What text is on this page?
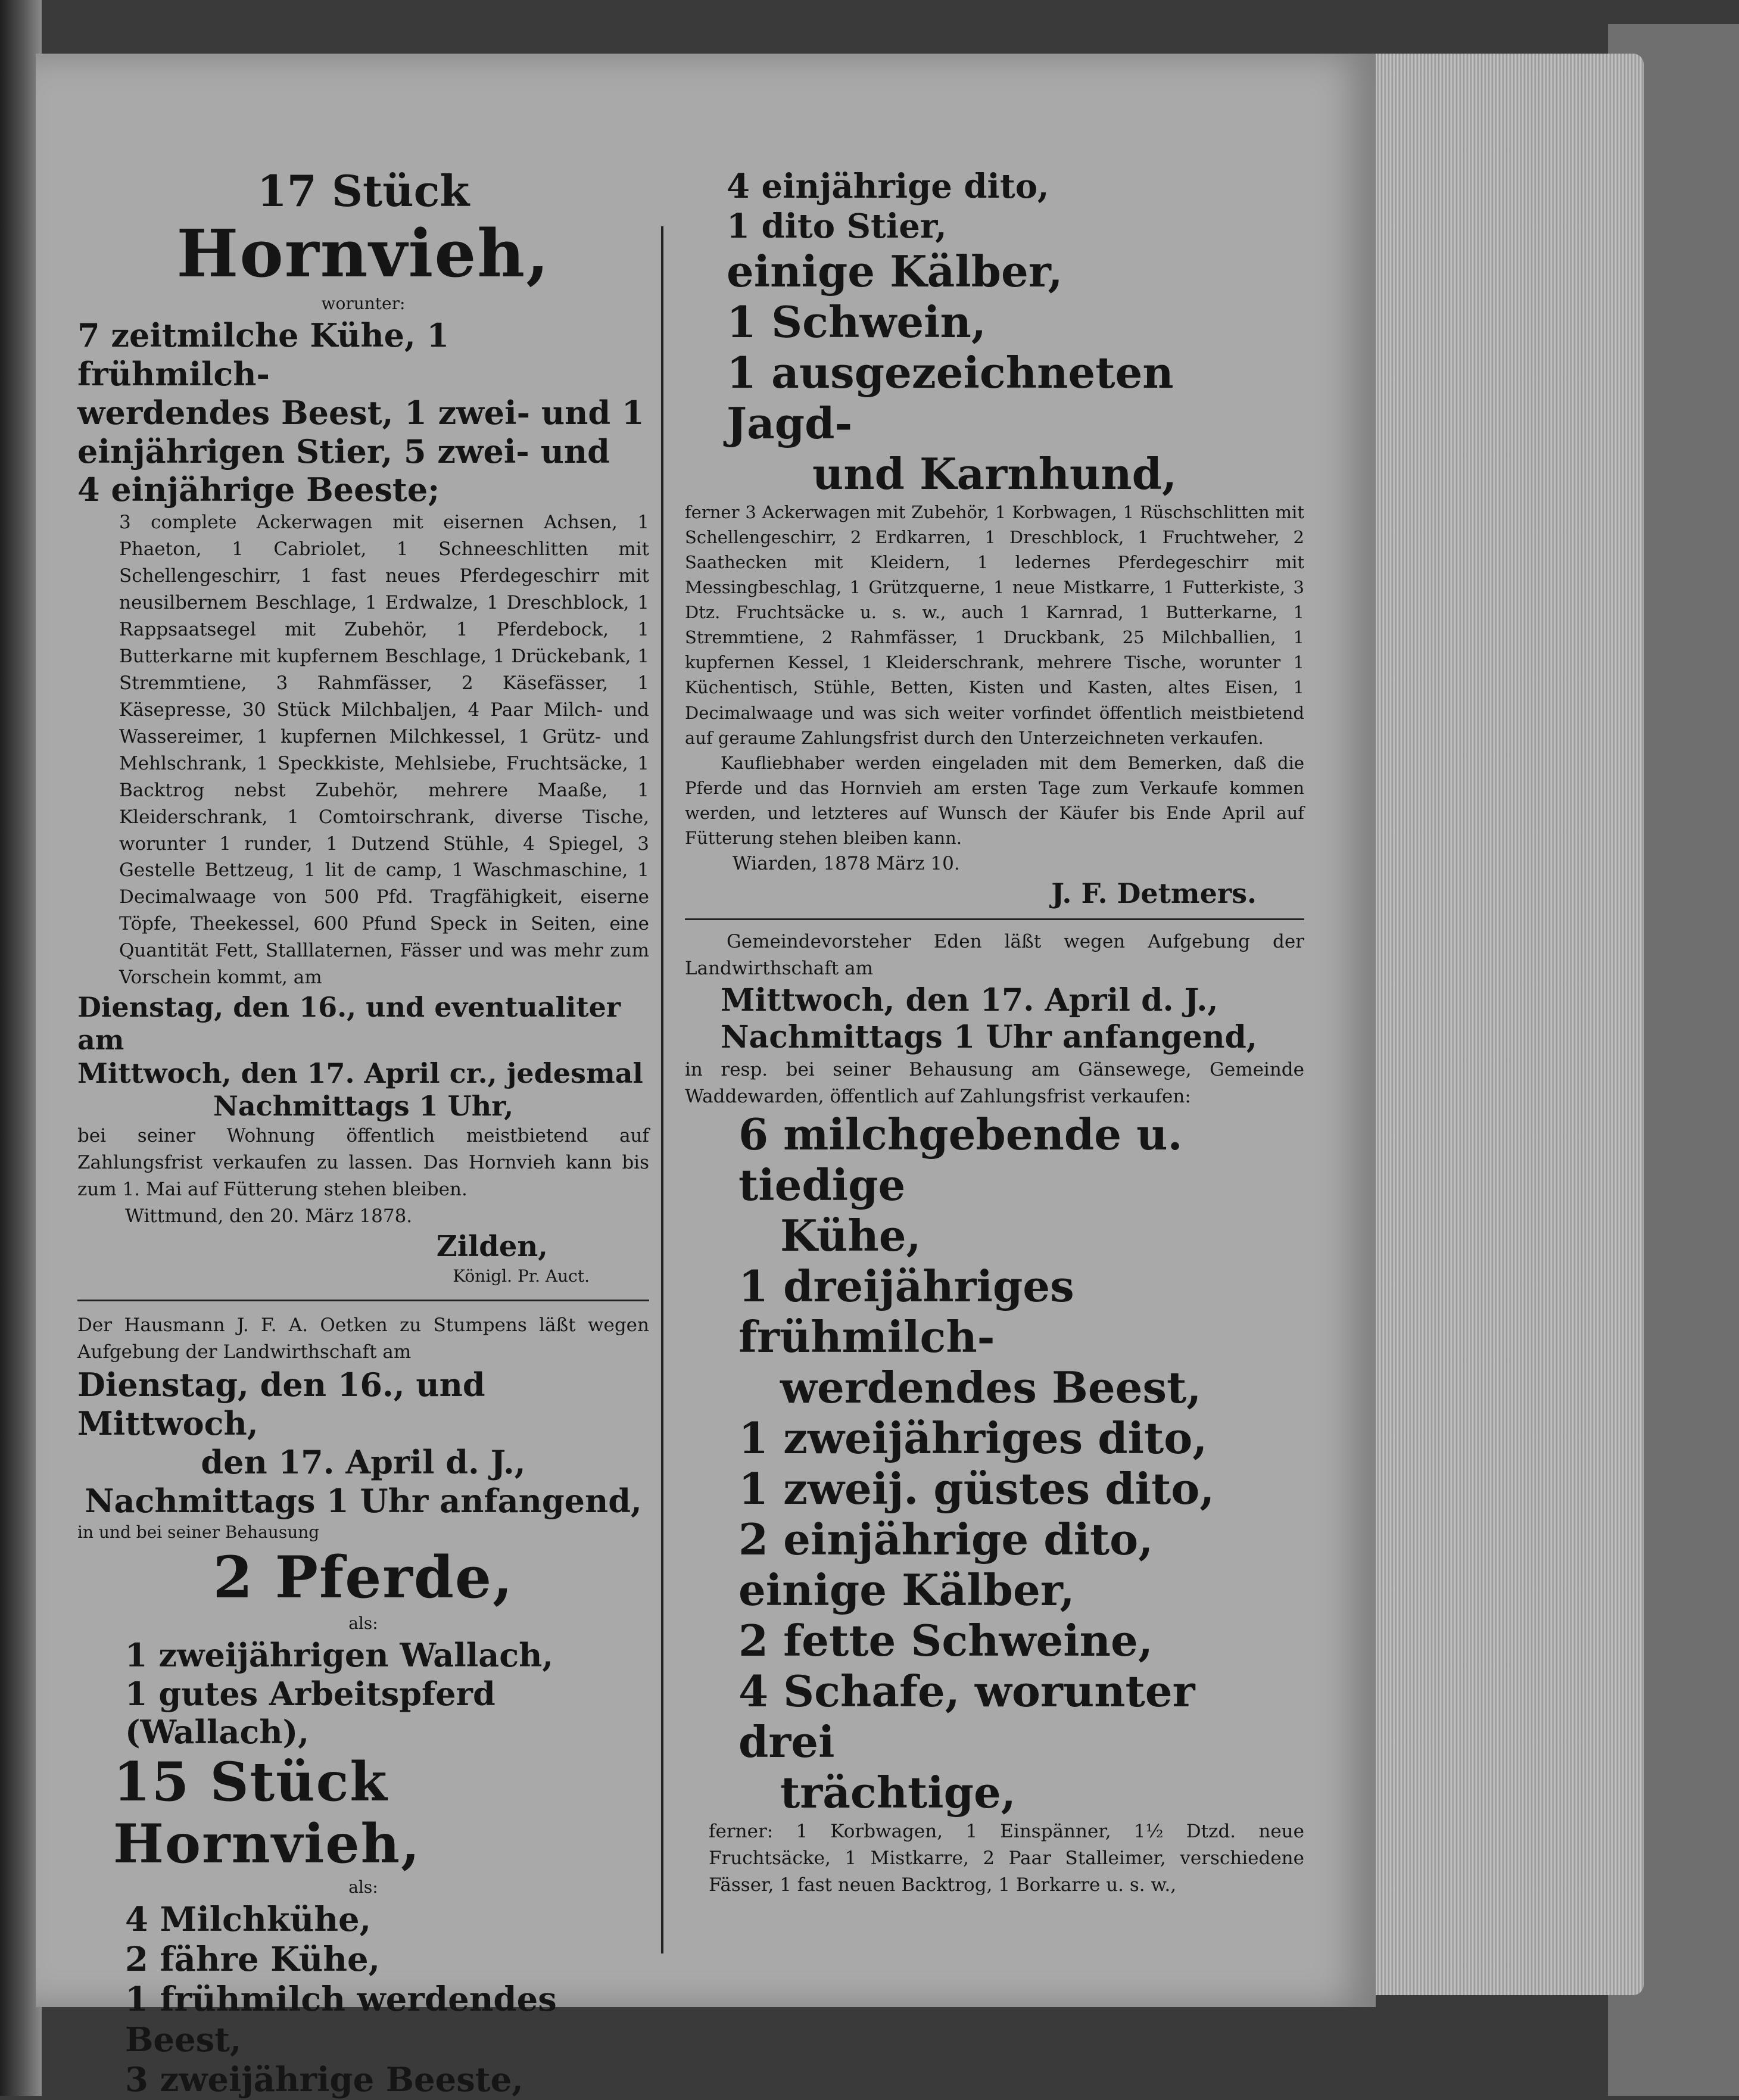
17 Stück

Hornvieh,

worunter:

7 zeitmilche Kühe, 1 frühmilch-

werdendes Beest, 1 zwei- und 1

einjährigen Stier, 5 zwei- und

4 einjährige Beeste;

3 complete Ackerwagen mit eisernen Achsen, 1 Phaeton, 1 Cabriolet, 1 Schneeschlitten mit Schellengeschirr, 1 fast neues Pferdegeschirr mit neusilbernem Beschlage, 1 Erdwalze, 1 Dreschblock, 1 Rappsaatsegel mit Zubehör, 1 Pferdebock, 1 Butterkarne mit kupfernem Beschlage, 1 Drückebank, 1 Stremmtiene, 3 Rahmfässer, 2 Käsefässer, 1 Käsepresse, 30 Stück Milchbaljen, 4 Paar Milch- und Wassereimer, 1 kupfernen Milchkessel, 1 Grütz- und Mehlschrank, 1 Speckkiste, Mehlsiebe, Fruchtsäcke, 1 Backtrog nebst Zubehör, mehrere Maaße, 1 Kleiderschrank, 1 Comtoirschrank, diverse Tische, worunter 1 runder, 1 Dutzend Stühle, 4 Spiegel, 3 Gestelle Bettzeug, 1 lit de camp, 1 Waschmaschine, 1 Decimalwaage von 500 Pfd. Tragfähigkeit, eiserne Töpfe, Theekessel, 600 Pfund Speck in Seiten, eine Quantität Fett, Stalllaternen, Fässer und was mehr zum Vorschein kommt, am

Dienstag, den 16., und eventualiter am

Mittwoch, den 17. April cr., jedesmal

Nachmittags 1 Uhr,

bei seiner Wohnung öffentlich meistbietend auf Zahlungsfrist verkaufen zu lassen. Das Hornvieh kann bis zum 1. Mai auf Fütterung stehen bleiben.

Wittmund, den 20. März 1878.

Zilden,

Königl. Pr. Auct.

Der Hausmann J. F. A. Oetken zu Stumpens läßt wegen Aufgebung der Landwirthschaft am

Dienstag, den 16., und Mittwoch,

den 17. April d. J.,

Nachmittags 1 Uhr anfangend,

in und bei seiner Behausung

2 Pferde,

als:

1 zweijährigen Wallach,

1 gutes Arbeitspferd (Wallach),

15 Stück Hornvieh,

als:

4 Milchkühe,

2 fähre Kühe,

1 frühmilch werdendes Beest,

3 zweijährige Beeste,

4 einjährige dito,

1 dito Stier,

einige Kälber,

1 Schwein,

1 ausgezeichneten Jagd-

und Karnhund,

ferner 3 Ackerwagen mit Zubehör, 1 Korbwagen, 1 Rüschschlitten mit Schellengeschirr, 2 Erdkarren, 1 Dreschblock, 1 Fruchtweher, 2 Saathecken mit Kleidern, 1 ledernes Pferdegeschirr mit Messingbeschlag, 1 Grützquerne, 1 neue Mistkarre, 1 Futterkiste, 3 Dtz. Fruchtsäcke u. s. w., auch 1 Karnrad, 1 Butterkarne, 1 Stremmtiene, 2 Rahmfässer, 1 Druckbank, 25 Milchballien, 1 kupfernen Kessel, 1 Kleiderschrank, mehrere Tische, worunter 1 Küchentisch, Stühle, Betten, Kisten und Kasten, altes Eisen, 1 Decimalwaage und was sich weiter vorfindet öffentlich meistbietend auf geraume Zahlungsfrist durch den Unterzeichneten verkaufen.

Kaufliebhaber werden eingeladen mit dem Bemerken, daß die Pferde und das Hornvieh am ersten Tage zum Verkaufe kommen werden, und letzteres auf Wunsch der Käufer bis Ende April auf Fütterung stehen bleiben kann.

Wiarden, 1878 März 10.

J. F. Detmers.

Gemeindevorsteher Eden läßt wegen Aufgebung der Landwirthschaft am

Mittwoch, den 17. April d. J.,

Nachmittags 1 Uhr anfangend,

in resp. bei seiner Behausung am Gänsewege, Gemeinde Waddewarden, öffentlich auf Zahlungsfrist verkaufen:

6 milchgebende u. tiedige

Kühe,

1 dreijähriges frühmilch-

werdendes Beest,

1 zweijähriges dito,

1 zweij. güstes dito,

2 einjährige dito,

einige Kälber,

2 fette Schweine,

4 Schafe, worunter drei

trächtige,

ferner: 1 Korbwagen, 1 Einspänner, 1½ Dtzd. neue Fruchtsäcke, 1 Mistkarre, 2 Paar Stalleimer, verschiedene Fässer, 1 fast neuen Backtrog, 1 Borkarre u. s. w.,
